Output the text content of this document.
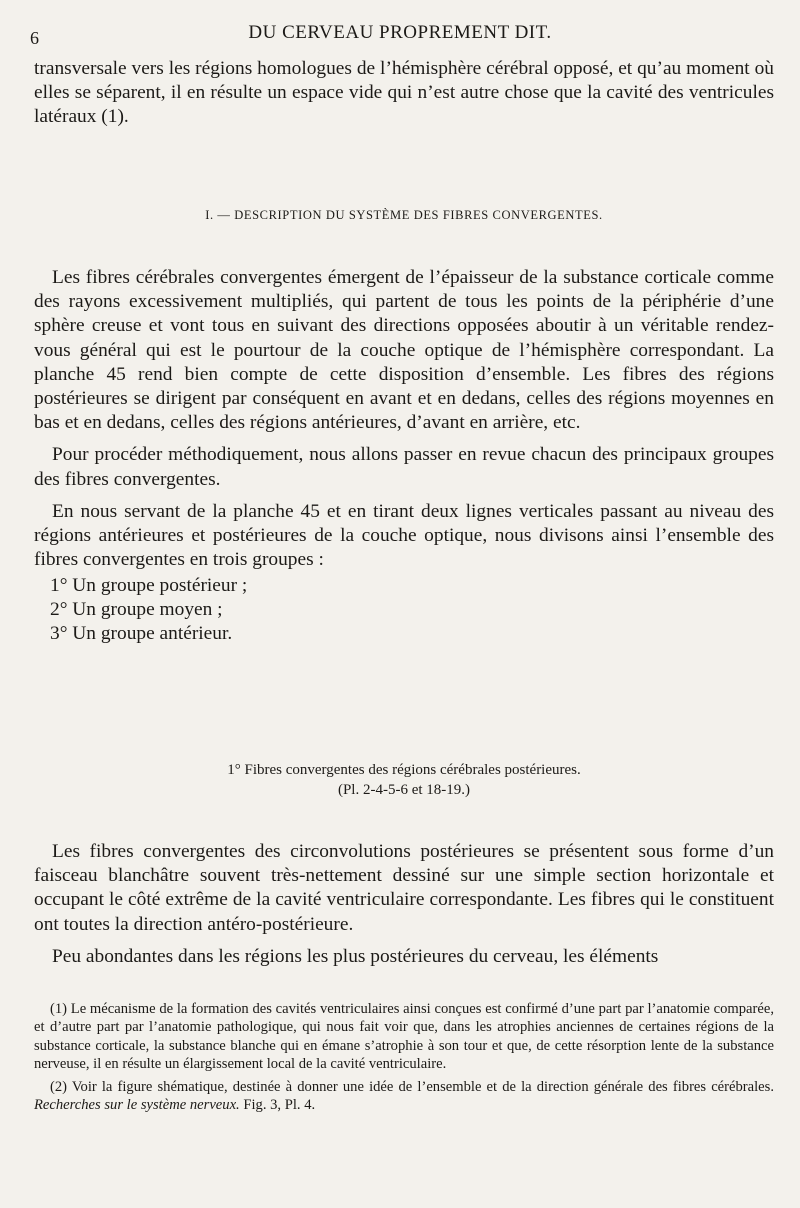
6	DU CERVEAU PROPREMENT DIT.

transversale vers les régions homologues de l’hémisphère cérébral opposé, et qu’au moment où elles se séparent, il en résulte un espace vide qui n’est autre chose que la cavité des ventricules latéraux (1).

I. — DESCRIPTION DU SYSTÈME DES FIBRES CONVERGENTES.

Les fibres cérébrales convergentes émergent de l’épaisseur de la substance corticale comme des rayons excessivement multipliés, qui partent de tous les points de la périphérie d’une sphère creuse et vont tous en suivant des directions opposées aboutir à un véritable rendez-vous général qui est le pourtour de la couche optique de l’hémisphère correspondant. La planche 45 rend bien compte de cette disposition d’ensemble. Les fibres des régions postérieures se dirigent par conséquent en avant et en dedans, celles des régions moyennes en bas et en dedans, celles des régions antérieures, d’avant en arrière, etc.

Pour procéder méthodiquement, nous allons passer en revue chacun des principaux groupes des fibres convergentes.

En nous servant de la planche 45 et en tirant deux lignes verticales passant au niveau des régions antérieures et postérieures de la couche optique, nous divisons ainsi l’ensemble des fibres convergentes en trois groupes :

1° Un groupe postérieur ;

2° Un groupe moyen ;

3° Un groupe antérieur.

1° Fibres convergentes des régions cérébrales postérieures.
(Pl. 2-4-5-6 et 18-19.)

Les fibres convergentes des circonvolutions postérieures se présentent sous forme d’un faisceau blanchâtre souvent très-nettement dessiné sur une simple section horizontale et occupant le côté extrême de la cavité ventriculaire correspondante. Les fibres qui le constituent ont toutes la direction antéro-postérieure.

Peu abondantes dans les régions les plus postérieures du cerveau, les éléments

(1) Le mécanisme de la formation des cavités ventriculaires ainsi conçues est confirmé d’une part par l’anatomie comparée, et d’autre part par l’anatomie pathologique, qui nous fait voir que, dans les atrophies anciennes de certaines régions de la substance corticale, la substance blanche qui en émane s’atrophie à son tour et que, de cette résorption lente de la substance nerveuse, il en résulte un élargissement local de la cavité ventriculaire.

(2) Voir la figure shématique, destinée à donner une idée de l’ensemble et de la direction générale des fibres cérébrales. Recherches sur le système nerveux. Fig. 3, Pl. 4.
